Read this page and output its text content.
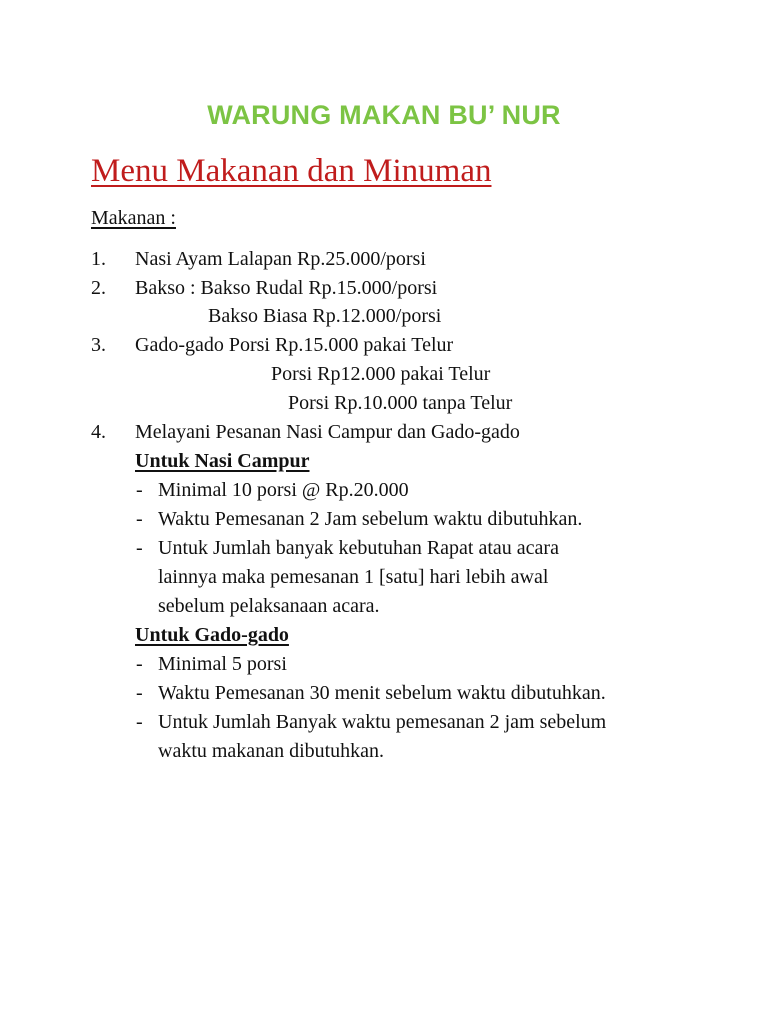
WARUNG MAKAN BU’ NUR
Menu Makanan dan Minuman
Makanan :
1. Nasi Ayam Lalapan Rp.25.000/porsi
2. Bakso : Bakso Rudal Rp.15.000/porsi
Bakso Biasa Rp.12.000/porsi
3. Gado-gado Porsi Rp.15.000 pakai Telur
Porsi Rp12.000 pakai Telur
Porsi Rp.10.000 tanpa Telur
4. Melayani Pesanan Nasi Campur dan Gado-gado
Untuk Nasi Campur
- Minimal 10 porsi @ Rp.20.000
- Waktu Pemesanan 2 Jam sebelum waktu dibutuhkan.
- Untuk Jumlah banyak kebutuhan Rapat atau acara
lainnya maka pemesanan 1 [satu] hari lebih awal
sebelum pelaksanaan acara.
Untuk Gado-gado
- Minimal 5 porsi
- Waktu Pemesanan 30 menit sebelum waktu dibutuhkan.
- Untuk Jumlah Banyak waktu pemesanan 2 jam sebelum
waktu makanan dibutuhkan.
